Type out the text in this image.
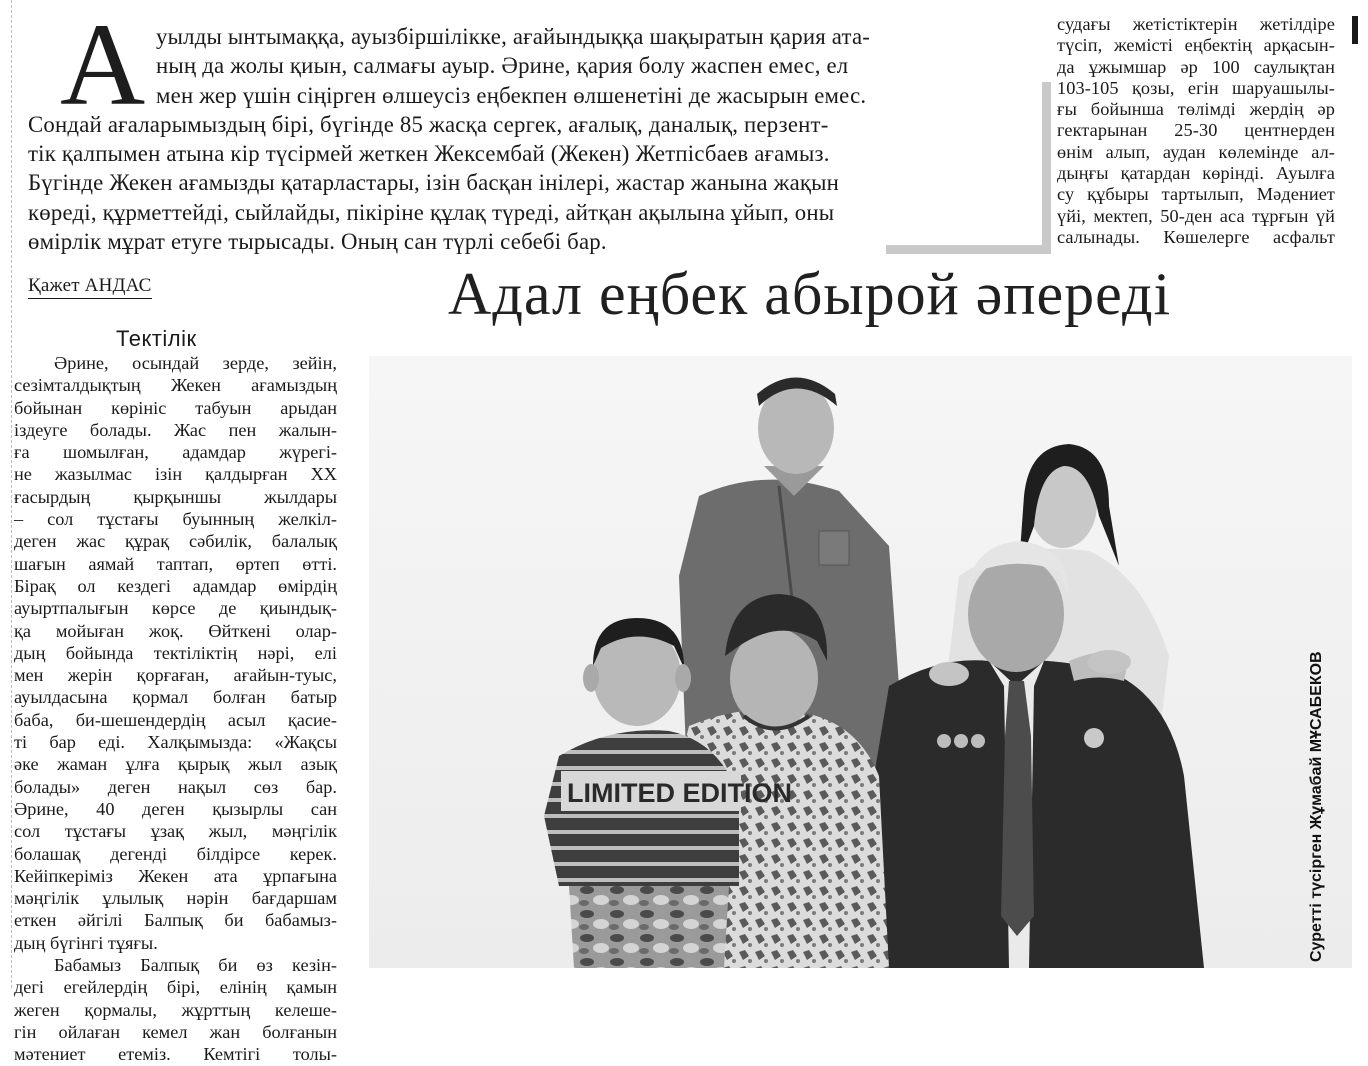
А уылды ынтымаққа, ауызбіршілікке, ағайындыққа шақыратын қария ата-
ның да жолы қиын, салмағы ауыр. Әрине, қария болу жаспен емес, ел
мен жер үшін сіңірген өлшеусіз еңбекпен өлшенетіні де жасырын емес.
Сондай ағаларымыздың бірі, бүгінде 85 жасқа сергек, ағалық, даналық, перзент-
тік қалпымен атына кір түсірмей жеткен Жексембай (Жекен) Жетпісбаев ағамыз.
Бүгінде Жекен ағамызды қатарластары, ізін басқан інілері, жастар жанына жақын
көреді, құрметтейді, сыйлайды, пікіріне құлақ түреді, айтқан ақылына ұйып, оны
өмірлік мұрат етуге тырысады. Оның сан түрлі себебі бар.
судағы жетістіктерін жетілдіре
түсіп, жемісті еңбектің арқасын-
да ұжымшар әр 100 саулықтан
103-105 қозы, егін шаруашылы-
ғы бойынша төлімді жердің әр
гектарынан 25-30 центнерден
өнім алып, аудан көлемінде ал-
дыңғы қатардан көрінді. Ауылға
су құбыры тартылып, Мәдениет
үйі, мектеп, 50-ден аса тұрғын үй
салынады. Көшелерге асфальт
Қажет АНДАС	Адал еңбек абырой әпереді
Тектілік
Әрине, осындай зерде, зейін,
сезімталдықтың Жекен ағамыздың
бойынан көрініс табуын арыдан
іздеуге болады. Жас пен жалын-
ға шомылған, адамдар жүрегі-
не жазылмас ізін қалдырған XX
ғасырдың қырқыншы жылдары
– сол тұстағы буынның желкіл-
деген жас құрақ сәбилік, балалық
шағын аямай таптап, өртеп өтті.
Бірақ ол кездегі адамдар өмірдің
ауыртпалығын көрсе де қиындық-
қа мойыған жоқ. Өйткені олар-
дың бойында тектіліктің нәрі, елі
мен жерін қорғаған, ағайын-туыс,
ауылдасына қормал болған батыр
баба, би-шешендердің асыл қасие-
ті бар еді. Халқымызда: «Жақсы
әке жаман ұлға қырық жыл азық
болады» деген нақыл сөз бар.
Әрине, 40 деген қызырлы сан
сол тұстағы ұзақ жыл, мәңгілік
болашақ дегенді білдірсе керек.
Кейіпкеріміз Жекен ата ұрпағына
мәңгілік ұлылық нәрін бағдаршам
еткен әйгілі Балпық би бабамыз-
дың бүгінгі тұяғы.
Бабамыз Балпық би өз кезін-
дегі егейлердің бірі, елінің қамын
жеген қормалы, жұрттың келеше-
гін ойлаған кемел жан болғанын
мәтениет етеміз. Кемтігі толы-
LIMITED EDITION	Суретті түсірген Жұмабай МҰСАБЕКОВ
